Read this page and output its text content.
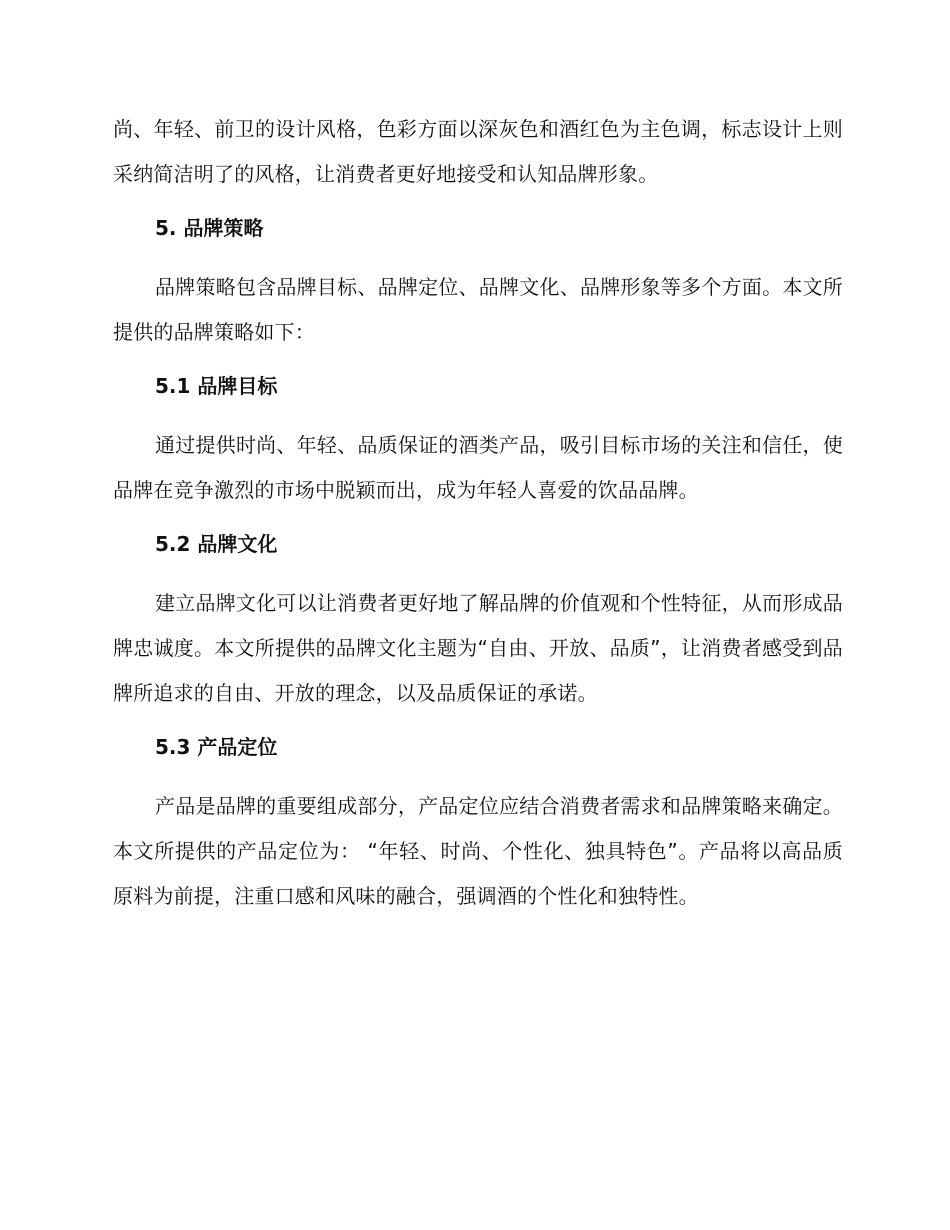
尚、年轻、前卫的设计风格，色彩方面以深灰色和酒红色为主色调，标志设计上则采纳简洁明了的风格，让消费者更好地接受和认知品牌形象。

5. 品牌策略

品牌策略包含品牌目标、品牌定位、品牌文化、品牌形象等多个方面。本文所提供的品牌策略如下：

5.1 品牌目标

通过提供时尚、年轻、品质保证的酒类产品，吸引目标市场的关注和信任，使品牌在竞争激烈的市场中脱颖而出，成为年轻人喜爱的饮品品牌。

5.2 品牌文化

建立品牌文化可以让消费者更好地了解品牌的价值观和个性特征，从而形成品牌忠诚度。本文所提供的品牌文化主题为“自由、开放、品质”，让消费者感受到品牌所追求的自由、开放的理念，以及品质保证的承诺。

5.3 产品定位

产品是品牌的重要组成部分，产品定位应结合消费者需求和品牌策略来确定。本文所提供的产品定位为： “年轻、时尚、个性化、独具特色”。产品将以高品质原料为前提，注重口感和风味的融合，强调酒的个性化和独特性。
